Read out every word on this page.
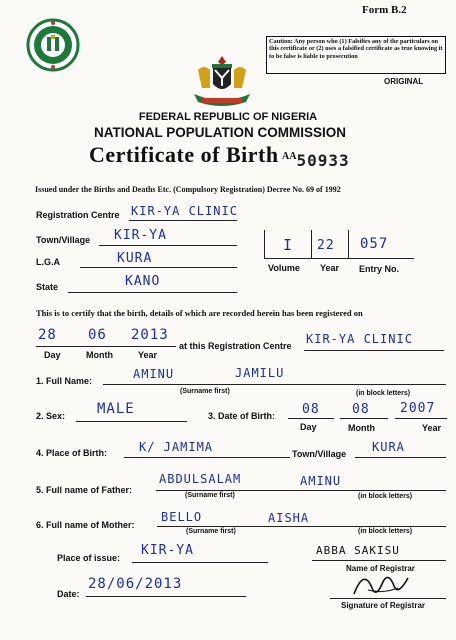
Form B.2
Caution: Any person who (1) Falsifies any of the particulars on this certificate or (2) uses a falsified certificate as true knowing it to be false is liable to prosecution
ORIGINAL
FEDERAL REPUBLIC OF NIGERIA
NATIONAL POPULATION COMMISSION
Certificate of Birth $^{AA}$50933
Issued under the Births and Deaths Etc. (Compulsory Registration) Decree No. 69 of 1992
Registration Centre KIR-YA CLINIC
Town/Village KIR-YA
L.G.A	KURA
State	KANO
I 22 057
Volume Year Entry No.
This is to certify that the birth, details of which are recorded herein has been registered on
28 06 2013
Day	Month	Year
at this Registration Centre KIR-YA CLINIC
1. Full Name:	AMINU	JAMILU
(Surname first)	(in block letters)
2. Sex: MALE	3. Date of Birth: 08 08 2007
Day	Month	Year
4. Place of Birth:	K/ JAMIMA	Town/Village KURA
5. Full name of Father:
ABDULSALAM	AMINU
(Surname first)	(in block letters)
6. Full name of Mother:
BELLO	AISHA
(Surname first)	(in block letters)
Place of issue: KIR-YA	ABBA SAKISU
Name of Registrar
Date:
28/06/2013
Signature of Registrar
